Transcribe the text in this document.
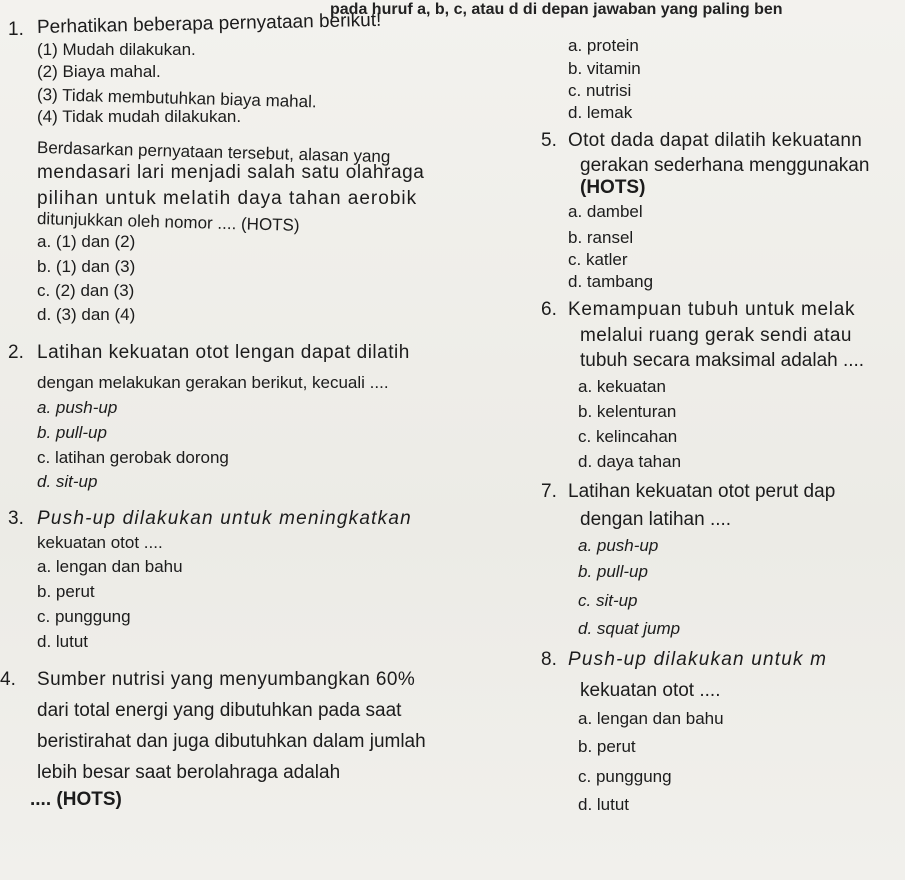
pada huruf a, b, c, atau d di depan jawaban yang paling ben
1. Perhatikan beberapa pernyataan berikut!
(1) Mudah dilakukan.
(2) Biaya mahal.
(3) Tidak membutuhkan biaya mahal.
(4) Tidak mudah dilakukan.
Berdasarkan pernyataan tersebut, alasan yang
mendasari lari menjadi salah satu olahraga
pilihan untuk melatih daya tahan aerobik
ditunjukkan oleh nomor .... (HOTS)
a. (1) dan (2)
b. (1) dan (3)
c. (2) dan (3)
d. (3) dan (4)
2. Latihan kekuatan otot lengan dapat dilatih
dengan melakukan gerakan berikut, kecuali ....
a. push-up
b. pull-up
c. latihan gerobak dorong
d. sit-up
3. Push-up dilakukan untuk meningkatkan
kekuatan otot ....
a. lengan dan bahu
b. perut
c. punggung
d. lutut
4. Sumber nutrisi yang menyumbangkan 60%
dari total energi yang dibutuhkan pada saat
beristirahat dan juga dibutuhkan dalam jumlah
lebih besar saat berolahraga adalah
.... (HOTS)
a. protein
b. vitamin
c. nutrisi
d. lemak
5. Otot dada dapat dilatih kekuatann
gerakan sederhana menggunakan
(HOTS)
a. dambel
b. ransel
c. katler
d. tambang
6. Kemampuan tubuh untuk melak
melalui ruang gerak sendi atau
tubuh secara maksimal adalah ....
a. kekuatan
b. kelenturan
c. kelincahan
d. daya tahan
7. Latihan kekuatan otot perut dap
dengan latihan ....
a. push-up
b. pull-up
c. sit-up
d. squat jump
8. Push-up dilakukan untuk m
kekuatan otot ....
a. lengan dan bahu
b. perut
c. punggung
d. lutut
